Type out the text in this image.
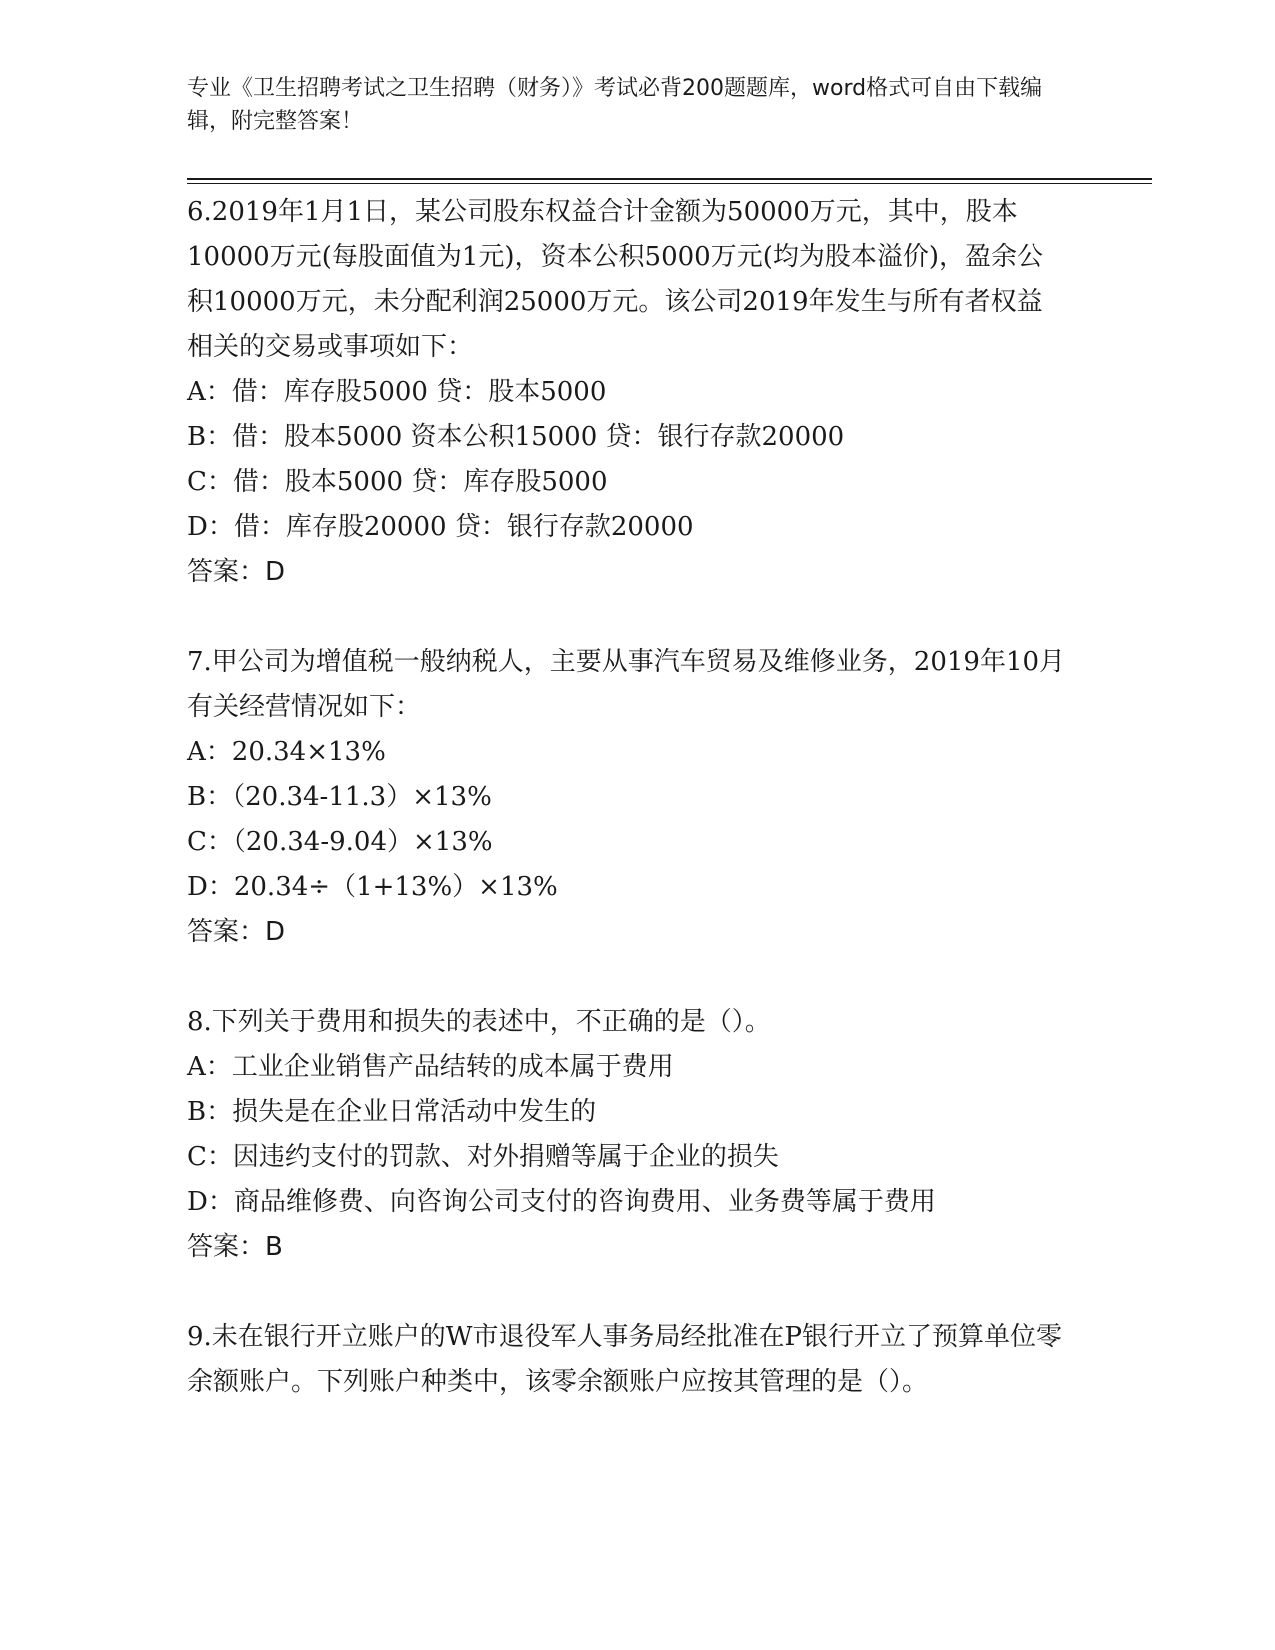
专业《卫生招聘考试之卫生招聘（财务）》考试必背200题题库，word格式可自由下载编辑，附完整答案！

6.2019年1月1日，某公司股东权益合计金额为50000万元，其中，股本10000万元(每股面值为1元)，资本公积5000万元(均为股本溢价)，盈余公积10000万元，未分配利润25000万元。该公司2019年发生与所有者权益相关的交易或事项如下：

A：借：库存股5000 贷：股本5000

B：借：股本5000 资本公积15000 贷：银行存款20000

C：借：股本5000 贷：库存股5000

D：借：库存股20000 贷：银行存款20000

答案：D

7.甲公司为增值税一般纳税人，主要从事汽车贸易及维修业务，2019年10月有关经营情况如下：

A：20.34×13%

B：（20.34-11.3）×13%

C：（20.34-9.04）×13%

D：20.34÷（1+13%）×13%

答案：D

8.下列关于费用和损失的表述中，不正确的是（）。

A：工业企业销售产品结转的成本属于费用

B：损失是在企业日常活动中发生的

C：因违约支付的罚款、对外捐赠等属于企业的损失

D：商品维修费、向咨询公司支付的咨询费用、业务费等属于费用

答案：B

9.未在银行开立账户的W市退役军人事务局经批准在P银行开立了预算单位零余额账户。下列账户种类中，该零余额账户应按其管理的是（）。
